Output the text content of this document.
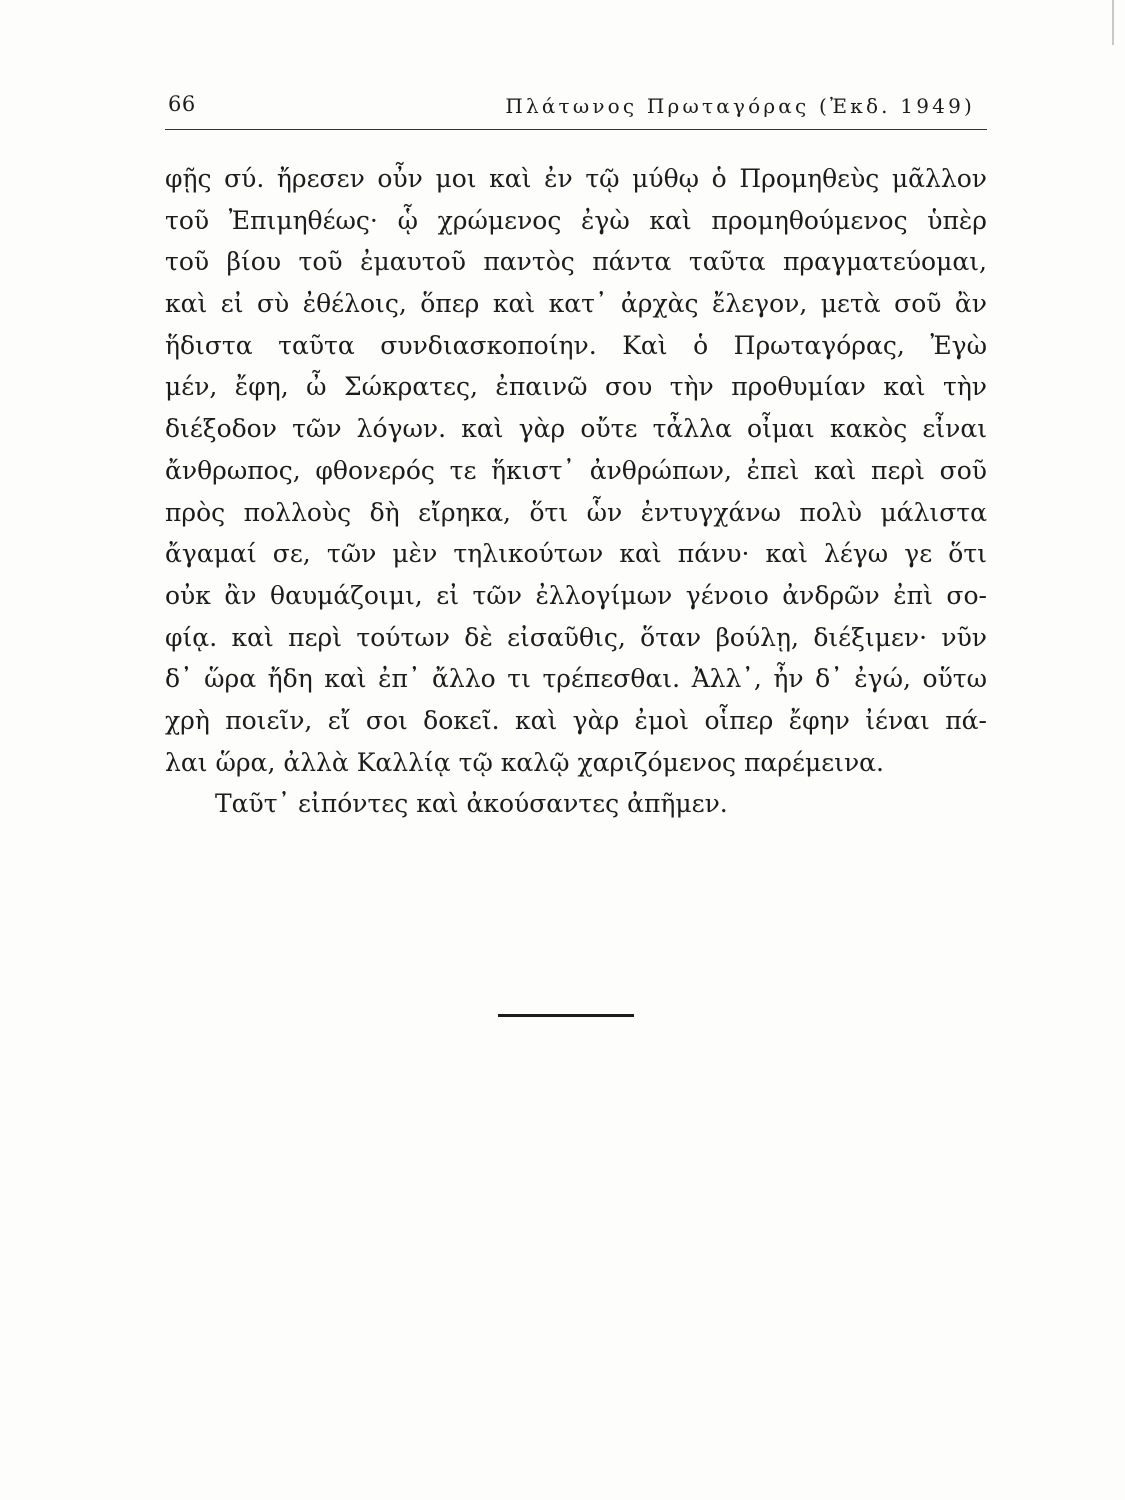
66	Πλάτωνος Πρωταγόρας (Ἐκδ. 1949)
φῇς σύ. ἤρεσεν οὖν μοι καὶ ἐν τῷ μύθῳ ὁ Προμηθεὺς μᾶλλον
τοῦ Ἐπιμηθέως· ᾧ χρώμενος ἐγὼ καὶ προμηθούμενος ὑπὲρ
τοῦ βίου τοῦ ἐμαυτοῦ παντὸς πάντα ταῦτα πραγματεύομαι,
καὶ εἰ σὺ ἐθέλοις, ὅπερ καὶ κατ᾿ ἀρχὰς ἔλεγον, μετὰ σοῦ ἂν
ἥδιστα ταῦτα συνδιασκοποίην. Καὶ ὁ Πρωταγόρας, Ἐγὼ
μέν, ἔφη, ὦ Σώκρατες, ἐπαινῶ σου τὴν προθυμίαν καὶ τὴν
διέξοδον τῶν λόγων. καὶ γὰρ οὔτε τἆλλα οἶμαι κακὸς εἶναι
ἄνθρωπος, φθονερός τε ἥκιστ᾿ ἀνθρώπων, ἐπεὶ καὶ περὶ σοῦ
πρὸς πολλοὺς δὴ εἴρηκα, ὅτι ὧν ἐντυγχάνω πολὺ μάλιστα
ἄγαμαί σε, τῶν μὲν τηλικούτων καὶ πάνυ· καὶ λέγω γε ὅτι
οὐκ ἂν θαυμάζοιμι, εἰ τῶν ἐλλογίμων γένοιο ἀνδρῶν ἐπὶ σο-
φίᾳ. καὶ περὶ τούτων δὲ εἰσαῦθις, ὅταν βούλῃ, διέξιμεν· νῦν
δ᾿ ὥρα ἤδη καὶ ἐπ᾿ ἄλλο τι τρέπεσθαι. Ἀλλ᾿, ἦν δ᾿ ἐγώ, οὕτω
χρὴ ποιεῖν, εἴ σοι δοκεῖ. καὶ γὰρ ἐμοὶ οἷπερ ἔφην ἰέναι πά-
λαι ὥρα, ἀλλὰ Καλλίᾳ τῷ καλῷ χαριζόμενος παρέμεινα.
Ταῦτ᾿ εἰπόντες καὶ ἀκούσαντες ἀπῆμεν.
